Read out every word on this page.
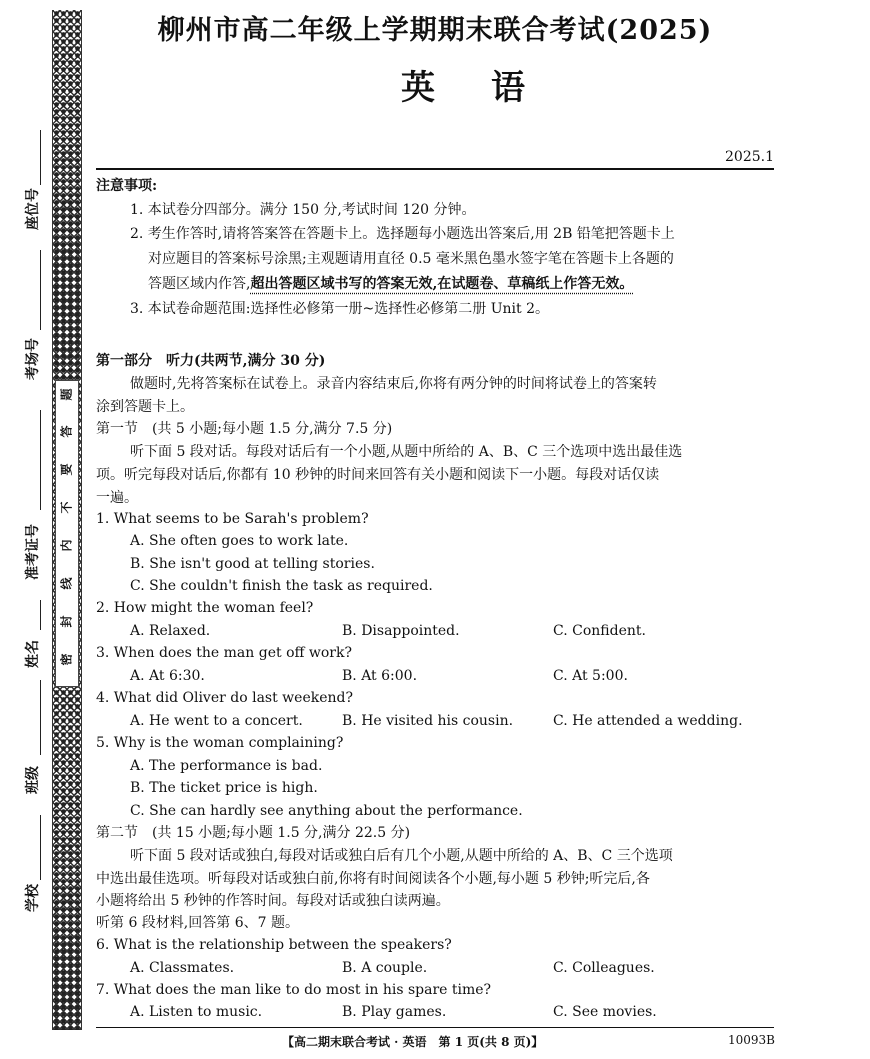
题
答
要
不
内
线
封
密
座位号
考场号
准考证号
姓名
班级
学校
柳州市高二年级上学期期末联合考试(2025)
英语
2025.1
注意事项:
1. 本试卷分四部分。满分 150 分,考试时间 120 分钟。
2. 考生作答时,请将答案答在答题卡上。选择题每小题选出答案后,用 2B 铅笔把答题卡上
对应题目的答案标号涂黑;主观题请用直径 0.5 毫米黑色墨水签字笔在答题卡上各题的
答题区域内作答,超出答题区域书写的答案无效,在试题卷、草稿纸上作答无效。
3. 本试卷命题范围:选择性必修第一册~选择性必修第二册 Unit 2。
第一部分　听力(共两节,满分 30 分)
做题时,先将答案标在试卷上。录音内容结束后,你将有两分钟的时间将试卷上的答案转
涂到答题卡上。
第一节　(共 5 小题;每小题 1.5 分,满分 7.5 分)
听下面 5 段对话。每段对话后有一个小题,从题中所给的 A、B、C 三个选项中选出最佳选
项。听完每段对话后,你都有 10 秒钟的时间来回答有关小题和阅读下一小题。每段对话仅读
一遍。
1. What seems to be Sarah's problem?
A. She often goes to work late.
B. She isn't good at telling stories.
C. She couldn't finish the task as required.
2. How might the woman feel?
A. Relaxed.	B. Disappointed.	C. Confident.
3. When does the man get off work?
A. At 6:30.	B. At 6:00.	C. At 5:00.
4. What did Oliver do last weekend?
A. He went to a concert.	B. He visited his cousin.	C. He attended a wedding.
5. Why is the woman complaining?
A. The performance is bad.
B. The ticket price is high.
C. She can hardly see anything about the performance.
第二节　(共 15 小题;每小题 1.5 分,满分 22.5 分)
听下面 5 段对话或独白,每段对话或独白后有几个小题,从题中所给的 A、B、C 三个选项
中选出最佳选项。听每段对话或独白前,你将有时间阅读各个小题,每小题 5 秒钟;听完后,各
小题将给出 5 秒钟的作答时间。每段对话或独白读两遍。
听第 6 段材料,回答第 6、7 题。
6. What is the relationship between the speakers?
A. Classmates.	B. A couple.	C. Colleagues.
7. What does the man like to do most in his spare time?
A. Listen to music.	B. Play games.	C. See movies.
【高二期末联合考试 · 英语　第 1 页(共 8 页)】	10093B
